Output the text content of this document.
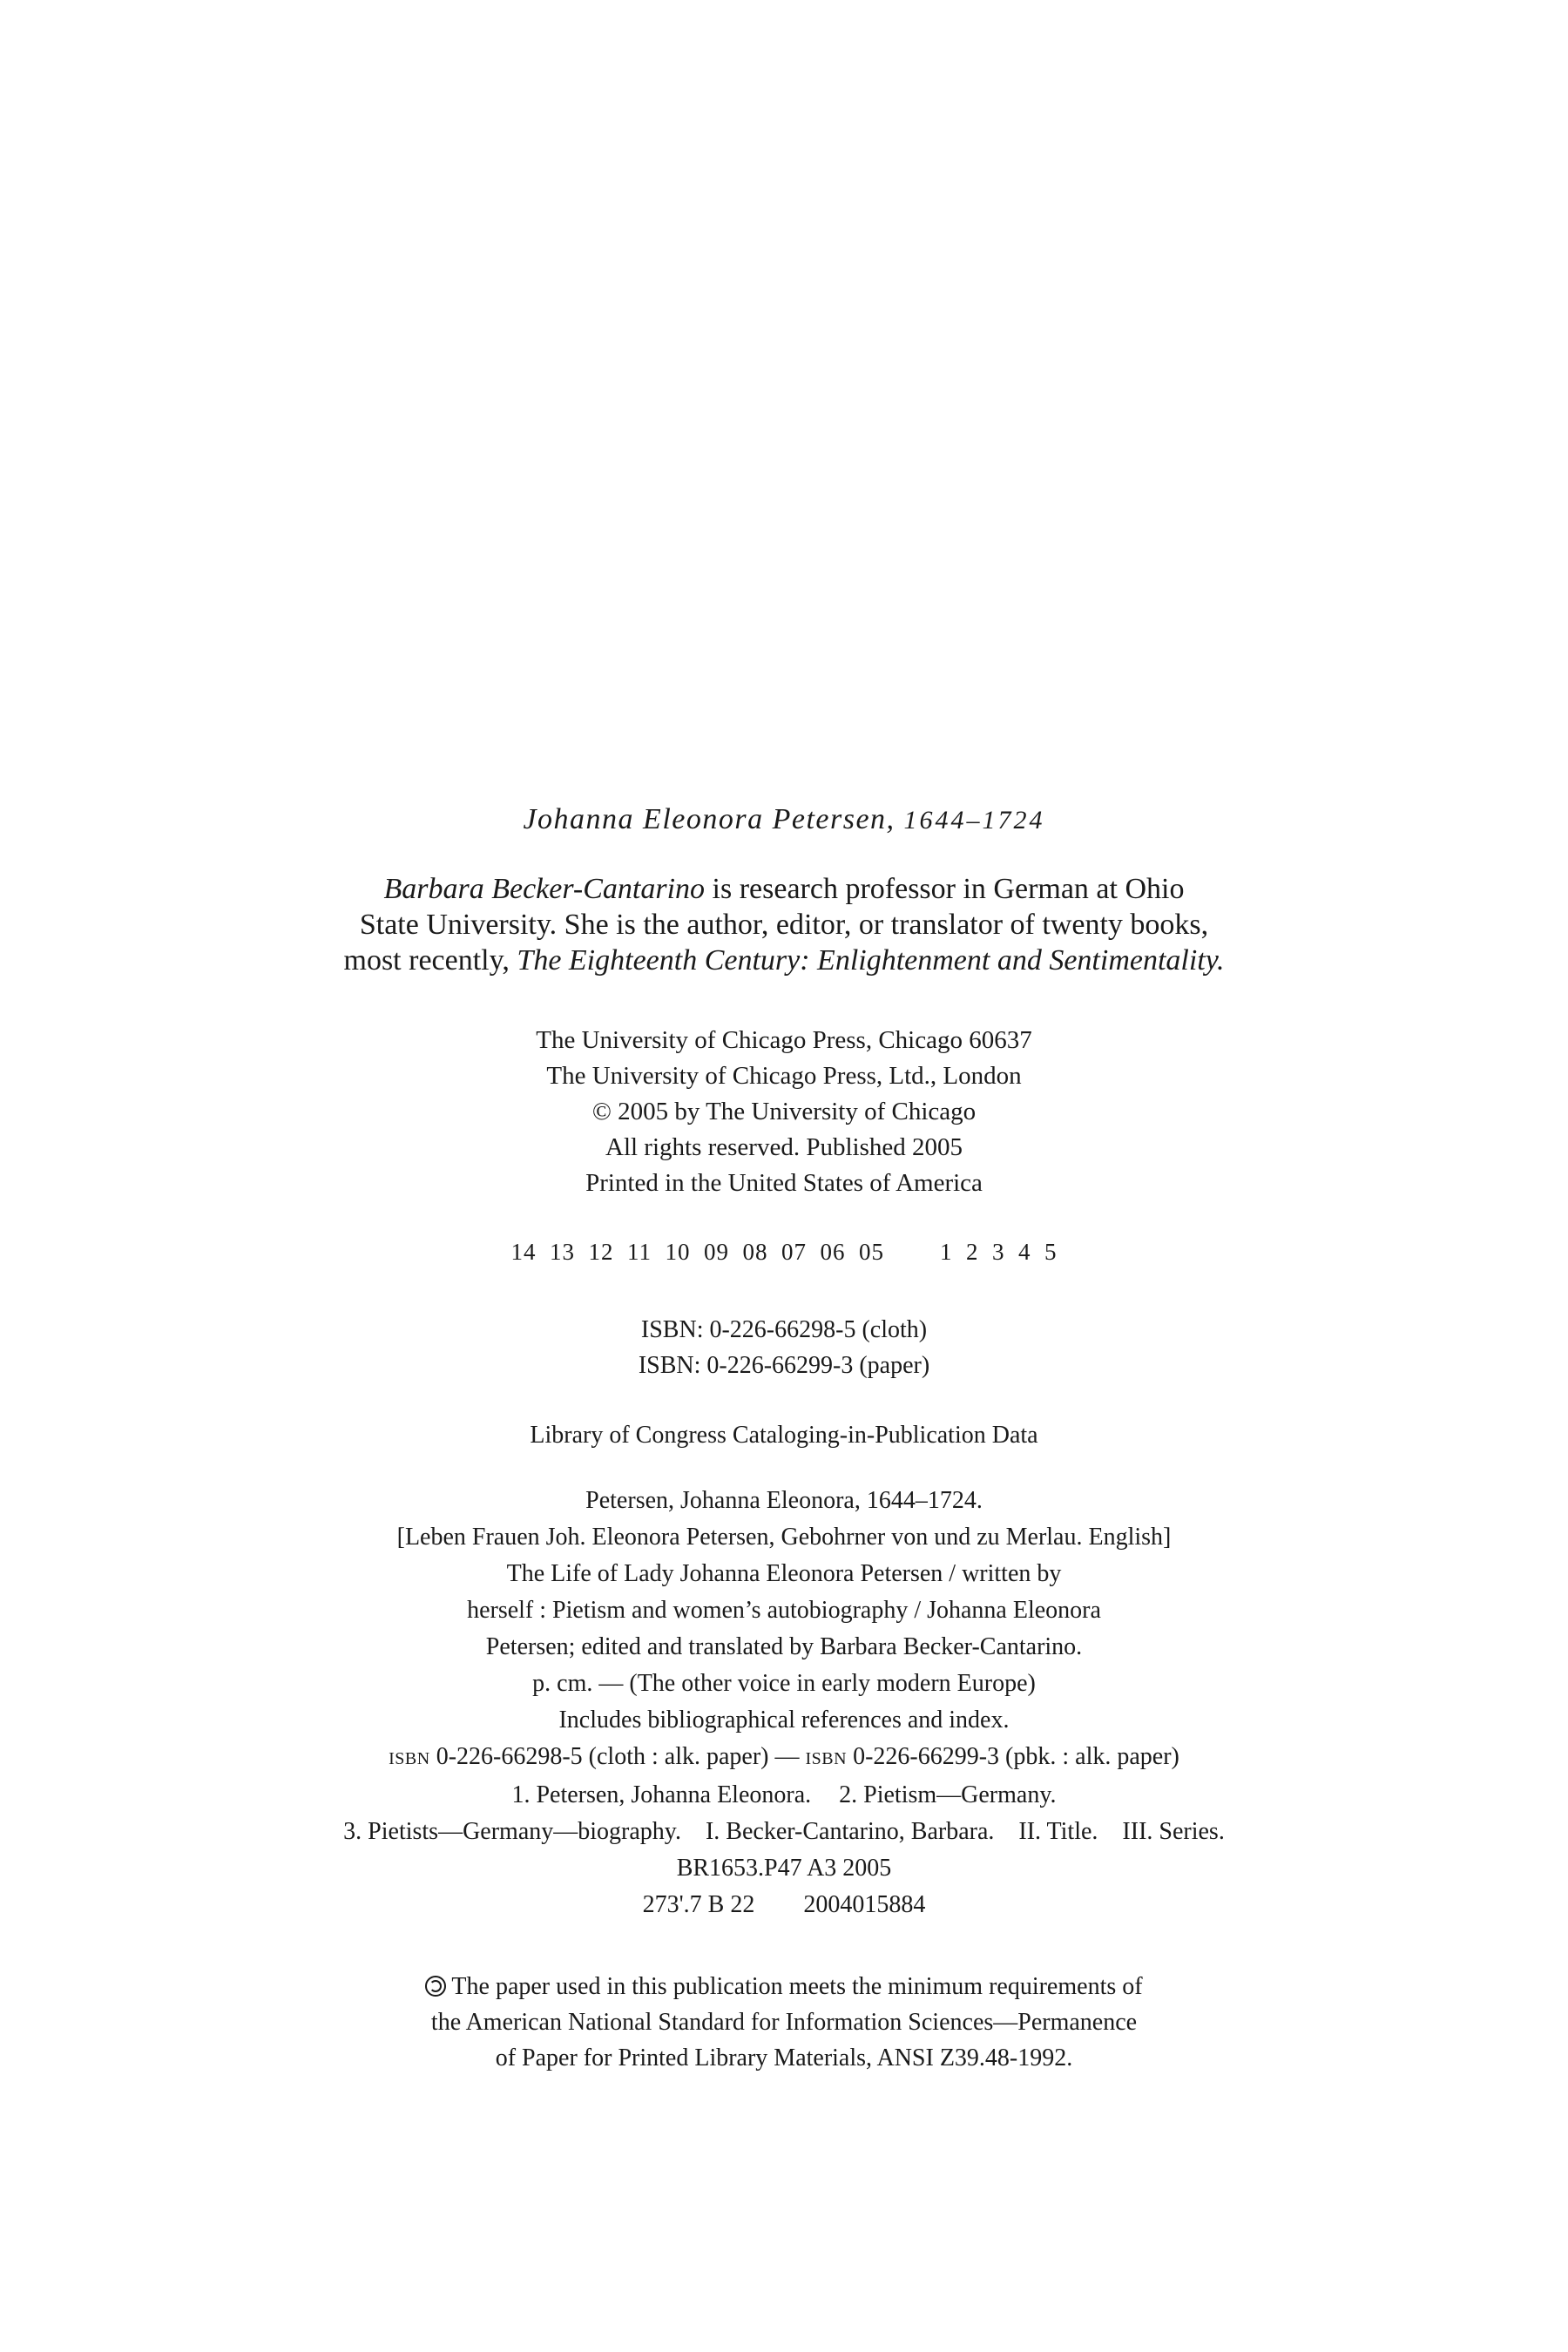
Johanna Eleonora Petersen, 1644–1724
Barbara Becker-Cantarino is research professor in German at Ohio
State University. She is the author, editor, or translator of twenty books,
most recently, The Eighteenth Century: Enlightenment and Sentimentality.
The University of Chicago Press, Chicago 60637
The University of Chicago Press, Ltd., London
© 2005 by The University of Chicago
All rights reserved. Published 2005
Printed in the United States of America
14  13  12  11  10  09  08  07  06  05 1  2  3  4  5
ISBN: 0-226-66298-5 (cloth)
ISBN: 0-226-66299-3 (paper)
Library of Congress Cataloging-in-Publication Data
Petersen, Johanna Eleonora, 1644–1724.
[Leben Frauen Joh. Eleonora Petersen, Gebohrner von und zu Merlau. English]
The Life of Lady Johanna Eleonora Petersen / written by
herself : Pietism and women’s autobiography / Johanna Eleonora
Petersen; edited and translated by Barbara Becker-Cantarino.
p. cm. — (The other voice in early modern Europe)
Includes bibliographical references and index.
ISBN 0-226-66298-5 (cloth : alk. paper) — ISBN 0-226-66299-3 (pbk. : alk. paper)
1. Petersen, Johanna Eleonora. 2. Pietism—Germany.
3. Pietists—Germany—biography. I. Becker-Cantarino, Barbara. II. Title. III. Series.
BR1653.P47 A3 2005
273'.7 B 22 2004015884
The paper used in this publication meets the minimum requirements of
the American National Standard for Information Sciences—Permanence
of Paper for Printed Library Materials, ANSI Z39.48-1992.
